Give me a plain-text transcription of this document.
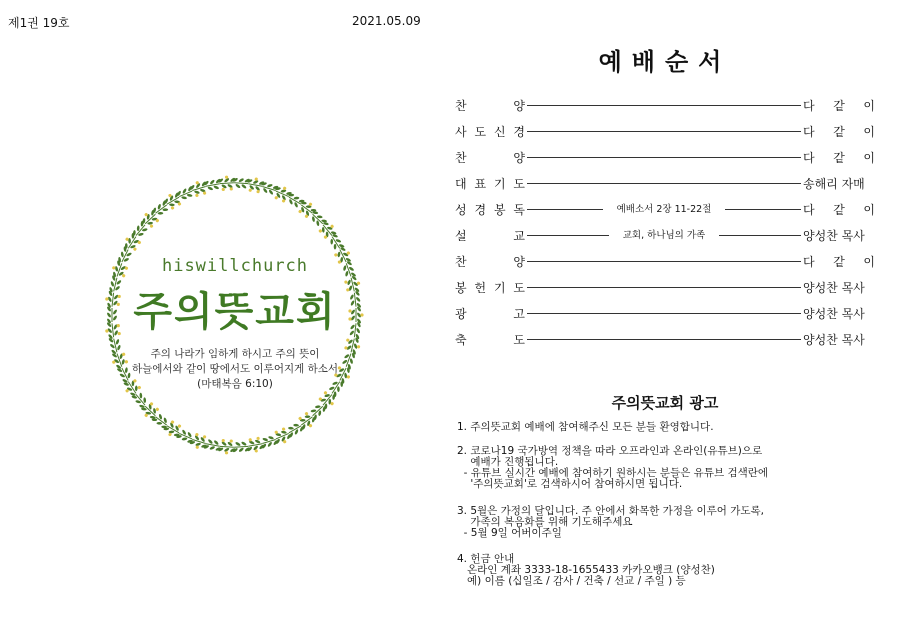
제1권 19호	2021.05.09
hiswillchurch
주의뜻교회
주의 나라가 임하게 하시고 주의 뜻이
하늘에서와 같이 땅에서도 이루어지게 하소서
(마태복음 6:10)
예배순서
찬	양	다 같 이
사 도 신 경	다 같 이
찬	양	다 같 이
대 표 기 도	송해리 자매
성 경 봉 독	예배소서 2장 11-22절	다 같 이
설	교	교회, 하나님의 가족	양성찬 목사
찬	양	다 같 이
봉 헌 기 도	양성찬 목사
광	고	양성찬 목사
축	도	양성찬 목사
주의뜻교회 광고
1. 주의뜻교회 예배에 참여해주신 모든 분들 환영합니다.
2. 코로나19 국가방역 정책을 따라 오프라인과 온라인(유튜브)으로
예배가 진행됩니다.
- 유튜브 실시간 예배에 참여하기 원하시는 분들은 유튜브 검색란에
'주의뜻교회'로 검색하시어 참여하시면 됩니다.
3. 5월은 가정의 달입니다. 주 안에서 화목한 가정을 이루어 가도록,
가족의 복음화를 위해 기도해주세요
- 5월 9일 어버이주일
4. 헌금 안내
온라인 계좌 3333-18-1655433 카카오뱅크 (양성찬)
예) 이름 (십일조 / 감사 / 건축 / 선교 / 주일 ) 등
